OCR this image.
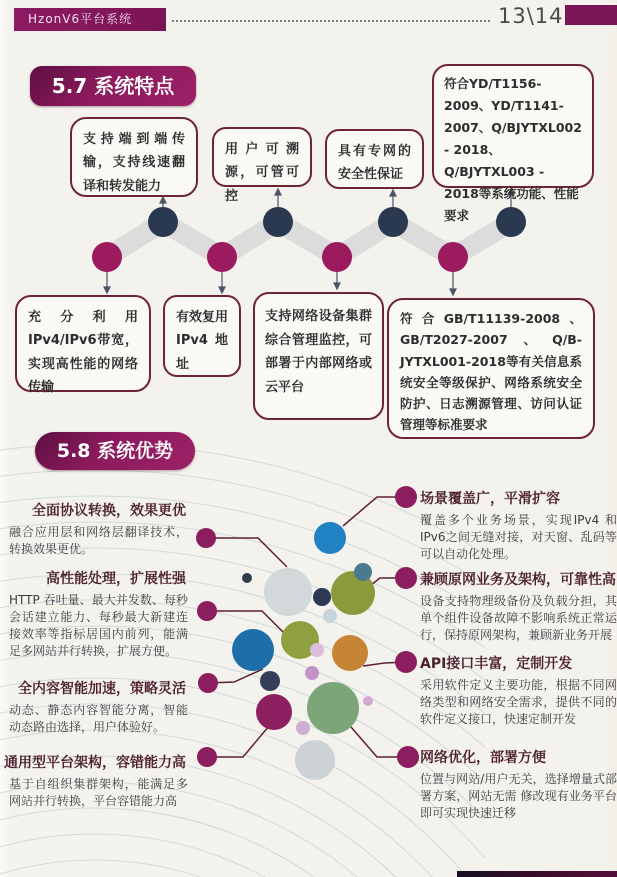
HzonV6平台系统	13\14
5.7 系统特点
支持端到端传输，支持线速翻译和转发能力
用户可溯源，可管可控
具有专网的安全性保证
符合YD/T1156-2009、YD/T1141-2007、Q/BJYTXL002 - 2018、Q/BJYTXL003 - 2018等系统功能、性能要求
充分利用IPv4/IPv6带宽，实现高性能的网络传输
有效复用IPv4地址
支持网络设备集群综合管理监控，可部署于内部网络或云平台
符合GB/T11139-2008、GB/T2027-2007、Q/B-JYTXL001-2018等有关信息系统安全等级保护、网络系统安全防护、日志溯源管理、访问认证管理等标准要求
5.8 系统优势
全面协议转换，效果更优
融合应用层和网络层翻译技术，转换效果更优。
高性能处理，扩展性强
HTTP 吞吐量、最大并发数、每秒会话建立能力、每秒最大新建连接效率等指标居国内前列，能满足多网站并行转换，扩展方便。
全内容智能加速，策略灵活
动态、静态内容智能分离，智能动态路由选择，用户体验好。
通用型平台架构，容错能力高
基于自组织集群架构，能满足多 网站并行转换，平台容错能力高
场景覆盖广，平滑扩容
覆盖多个业务场景，实现IPv4 和IPv6之间无缝对接，对天窗、乱码等可以自动化处理。
兼顾原网业务及架构，可靠性高
设备支持物理级备份及负载分担，其单个组件设备故障不影响系统正常运行，保持原网架构，兼顾新业务开展
API接口丰富，定制开发
采用软件定义主要功能，根据不同网络类型和网络安全需求，提供不同的软件定义接口，快速定制开发
网络优化，部署方便
位置与网站/用户无关，选择增量式部署方案，网站无需 修改现有业务平台即可实现快速迁移
